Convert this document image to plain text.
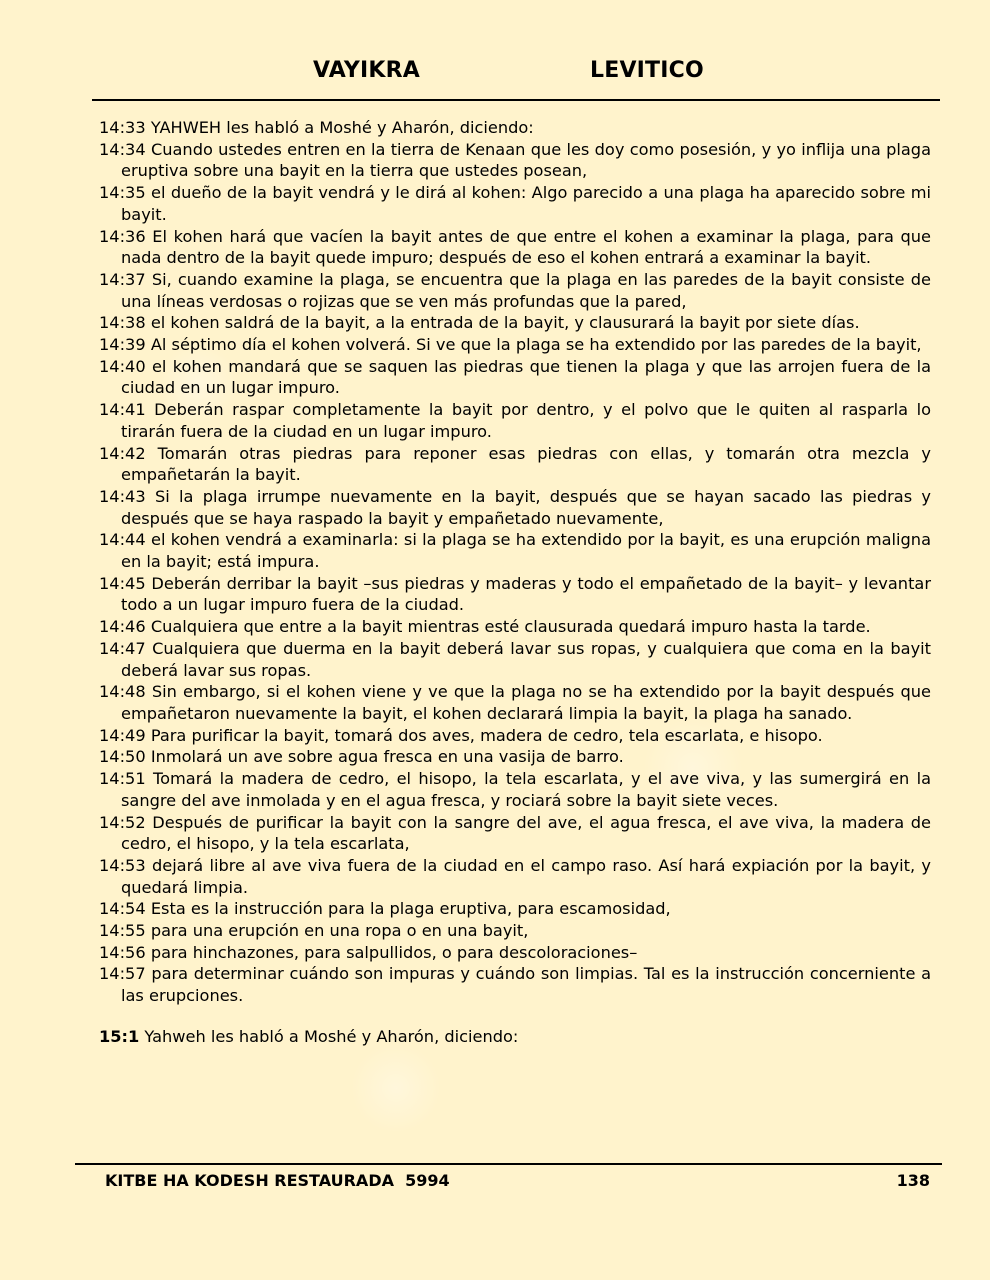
VAYIKRA	LEVITICO

14:33 YAHWEH les habló a Moshé y Aharón, diciendo:

14:34 Cuando ustedes entren en la tierra de Kenaan que les doy como posesión, y yo inflija una plaga eruptiva sobre una bayit en la tierra que ustedes posean,

14:35 el dueño de la bayit vendrá y le dirá al kohen: Algo parecido a una plaga ha aparecido sobre mi bayit.

14:36 El kohen hará que vacíen la bayit antes de que entre el kohen a examinar la plaga, para que nada dentro de la bayit quede impuro; después de eso el kohen entrará a examinar la bayit.

14:37 Si, cuando examine la plaga, se encuentra que la plaga en las paredes de la bayit consiste de una líneas verdosas o rojizas que se ven más profundas que la pared,

14:38 el kohen saldrá de la bayit, a la entrada de la bayit, y clausurará la bayit por siete días.

14:39 Al séptimo día el kohen volverá. Si ve que la plaga se ha extendido por las paredes de la bayit,

14:40 el kohen mandará que se saquen las piedras que tienen la plaga y que las arrojen fuera de la ciudad en un lugar impuro.

14:41 Deberán raspar completamente la bayit por dentro, y el polvo que le quiten al rasparla lo tirarán fuera de la ciudad en un lugar impuro.

14:42 Tomarán otras piedras para reponer esas piedras con ellas, y tomarán otra mezcla y empañetarán la bayit.

14:43 Si la plaga irrumpe nuevamente en la bayit, después que se hayan sacado las piedras y después que se haya raspado la bayit y empañetado nuevamente,

14:44 el kohen vendrá a examinarla: si la plaga se ha extendido por la bayit, es una erupción maligna en la bayit; está impura.

14:45 Deberán derribar la bayit –sus piedras y maderas y todo el empañetado de la bayit– y levantar todo a un lugar impuro fuera de la ciudad.

14:46 Cualquiera que entre a la bayit mientras esté clausurada quedará impuro hasta la tarde.

14:47 Cualquiera que duerma en la bayit deberá lavar sus ropas, y cualquiera que coma en la bayit deberá lavar sus ropas.

14:48 Sin embargo, si el kohen viene y ve que la plaga no se ha extendido por la bayit después que empañetaron nuevamente la bayit, el kohen declarará limpia la bayit, la plaga ha sanado.

14:49 Para purificar la bayit, tomará dos aves, madera de cedro, tela escarlata, e hisopo.

14:50 Inmolará un ave sobre agua fresca en una vasija de barro.

14:51 Tomará la madera de cedro, el hisopo, la tela escarlata, y el ave viva, y las sumergirá en la sangre del ave inmolada y en el agua fresca, y rociará sobre la bayit siete veces.

14:52 Después de purificar la bayit con la sangre del ave, el agua fresca, el ave viva, la madera de cedro, el hisopo, y la tela escarlata,

14:53 dejará libre al ave viva fuera de la ciudad en el campo raso. Así hará expiación por la bayit, y quedará limpia.

14:54 Esta es la instrucción para la plaga eruptiva, para escamosidad,

14:55 para una erupción en una ropa o en una bayit,

14:56 para hinchazones, para salpullidos, o para descoloraciones–

14:57 para determinar cuándo son impuras y cuándo son limpias. Tal es la instrucción concerniente a las erupciones.

15:1 Yahweh les habló a Moshé y Aharón, diciendo:

KITBE HA KODESH RESTAURADA  5994	138
